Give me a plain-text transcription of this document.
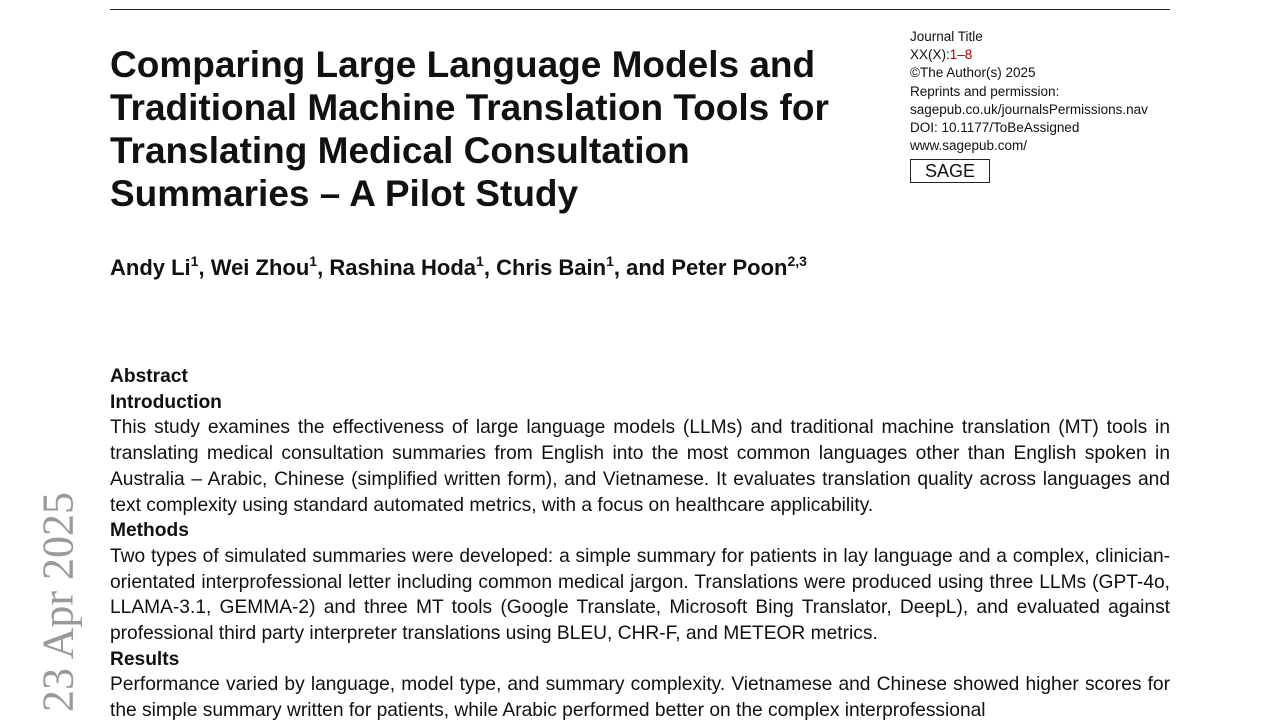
Comparing Large Language Models and
Traditional Machine Translation Tools for
Translating Medical Consultation
Summaries – A Pilot Study
Journal Title
XX(X):1–8
©The Author(s) 2025
Reprints and permission:
sagepub.co.uk/journalsPermissions.nav
DOI: 10.1177/ToBeAssigned
www.sagepub.com/
SAGE

Andy Li$^1$, Wei Zhou$^1$, Rashina Hoda$^1$, Chris Bain$^1$, and Peter Poon$^{2,3}$

Abstract
Introduction

This study examines the effectiveness of large language models (LLMs) and traditional machine translation (MT) tools in translating medical consultation summaries from English into the most common languages other than English spoken in Australia – Arabic, Chinese (simplified written form), and Vietnamese. It evaluates translation quality across languages and text complexity using standard automated metrics, with a focus on healthcare applicability.

Methods

Two types of simulated summaries were developed: a simple summary for patients in lay language and a complex, clinician-orientated interprofessional letter including common medical jargon. Translations were produced using three LLMs (GPT-4o, LLAMA-3.1, GEMMA-2) and three MT tools (Google Translate, Microsoft Bing Translator, DeepL), and evaluated against professional third party interpreter translations using BLEU, CHR-F, and METEOR metrics.

Results

Performance varied by language, model type, and summary complexity. Vietnamese and Chinese showed higher scores for the simple summary written for patients, while Arabic performed better on the complex interprofessional

23 Apr 2025
